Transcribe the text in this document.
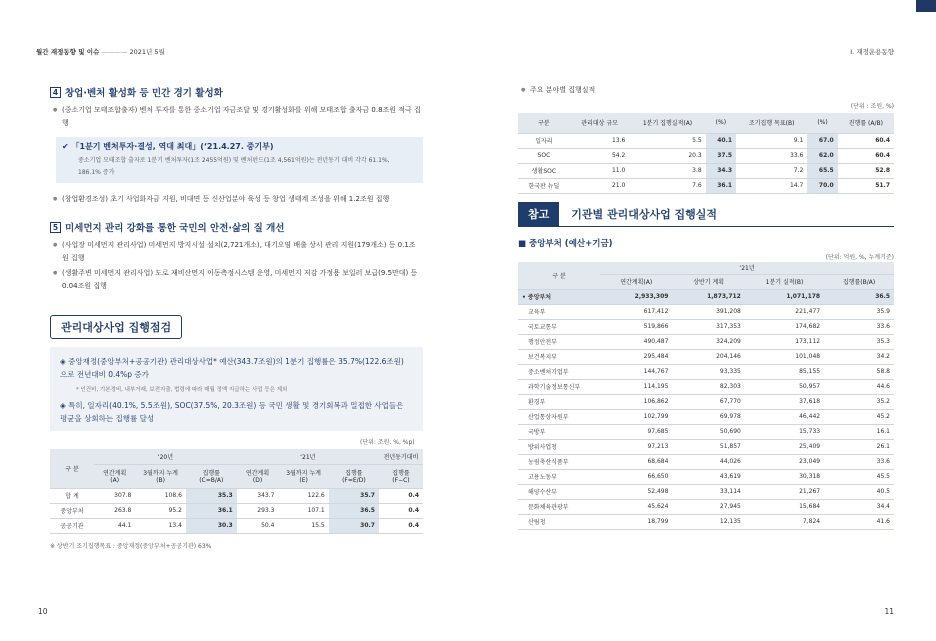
월간 재정동향 및 이슈 ———— 2021년 5월
4 창업·벤처 활성화 등 민간 경기 활성화
● (중소기업 모태조합출자) 벤처 투자를 통한 중소기업 자금조달 및 경기활성화를 위해 모태조합 출자금 0.8조원 적극 집행
✔ 「1분기 벤처투자·결성, 역대 최대」(‘21.4.27. 중기부)
중소기업 모태조합 출자로 1분기 벤처투자(1조 2455억원) 및 벤처펀드(1조 4,561억원)는 전년동기 대비 각각 61.1%, 186.1% 증가
● (창업환경조성) 초기 사업화자금 지원, 비대면 등 신산업분야 육성 등 창업 생태계 조성을 위해 1.2조원 집행
5 미세먼지 관리 강화를 통한 국민의 안전·삶의 질 개선
● (사업장 미세먼지 관리사업) 미세먼지 방지시설 설치(2,721개소), 대기오염 배출 상시 관리 지원(179개소) 등 0.1조원 집행
● (생활주변 미세먼지 관리사업) 도로 재비산먼지 이동측정시스템 운영, 미세먼지 저감 가정용 보일러 보급(9.5만대) 등 0.04조원 집행
관리대상사업 집행점검
◈ 중앙재정(중앙부처+공공기관) 관리대상사업* 예산(343.7조원)의 1분기 집행률은 35.7%(122.6조원)으로 전년대비 0.4%p 증가
* 인건비, 기본경비, 내부거래, 보전지출, 법령에 따라 매월 정액 지급하는 사업 등은 제외
◈ 특히, 일자리(40.1%, 5.5조원), SOC(37.5%, 20.3조원) 등 국민 생활 및 경기회복과 밀접한 사업들은 평균을 상회하는 집행률 달성
(단위: 조원, %, %p)
구 분	‘20년			‘21년			전년동기대비
	연간계획 (A)	3월까지 누계(B)	집행률 (C=B/A)	연간계획 (D)	3월까지 누계(E)	집행률 (F=E/D)	집행률 (F−C)
합 계	307.8	108.6	35.3	343.7	122.6	35.7	0.4
중앙부처	263.8	95.2	36.1	293.3	107.1	36.5	0.4
공공기관	44.1	13.4	30.3	50.4	15.5	30.7	0.4
※ 상반기 조기집행목표 : 중앙재정(중앙부처+공공기관) 63%
10
Ⅰ. 재정운용동향
● 주요 분야별 집행실적
(단위 : 조원, %)
구분	관리대상 규모	1분기 집행실적(A)	(%)	조기집행 목표(B)	(%)	진행률 (A/B)
일자리	13.6	5.5	40.1	9.1	67.0	60.4
SOC	54.2	20.3	37.5	33.6	62.0	60.4
생활SOC	11.0	3.8	34.3	7.2	65.5	52.8
한국판 뉴딜	21.0	7.6	36.1	14.7	70.0	51.7
참고	기관별 관리대상사업 집행실적
■ 중앙부처 (예산+기금)
(단위: 억원, %, 누계기준)
구 분	‘21년			
	연간계획(A)	상반기 계획	1분기 실적(B)	집행률(B/A)
• 중앙부처	2,933,309	1,873,712	1,071,178	36.5
교육부	617,412	391,208	221,477	35.9
국토교통부	519,866	317,353	174,682	33.6
행정안전부	490,487	324,209	173,112	35.3
보건복지부	295,484	204,146	101,048	34.2
중소벤처기업부	144,767	93,335	85,155	58.8
과학기술정보통신부	114,195	82,303	50,957	44.6
환경부	106,862	67,770	37,618	35.2
산업통상자원부	102,799	69,978	46,442	45.2
국방부	97,685	50,690	15,733	16.1
방위사업청	97,213	51,857	25,409	26.1
농림축산식품부	68,684	44,026	23,049	33.6
고용노동부	66,650	43,619	30,318	45.5
해양수산부	52,498	33,114	21,267	40.5
문화체육관광부	45,624	27,945	15,684	34.4
산림청	18,799	12,135	7,824	41.6
11
